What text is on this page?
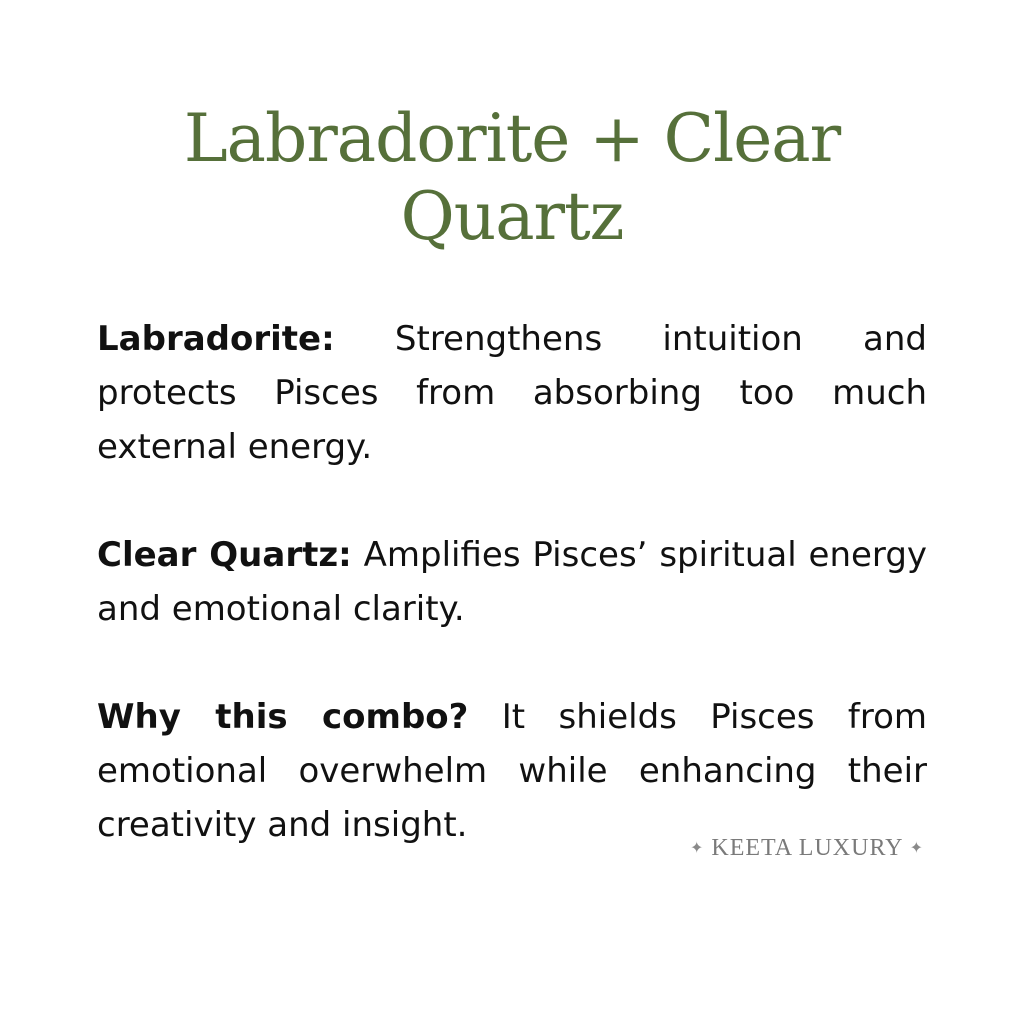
Labradorite + Clear Quartz

Labradorite: Strengthens intuition and protects Pisces from absorbing too much external energy.

Clear Quartz: Amplifies Pisces’ spiritual energy and emotional clarity.

Why this combo? It shields Pisces from emotional overwhelm while enhancing their creativity and insight.

✦ KEETA LUXURY ✦
